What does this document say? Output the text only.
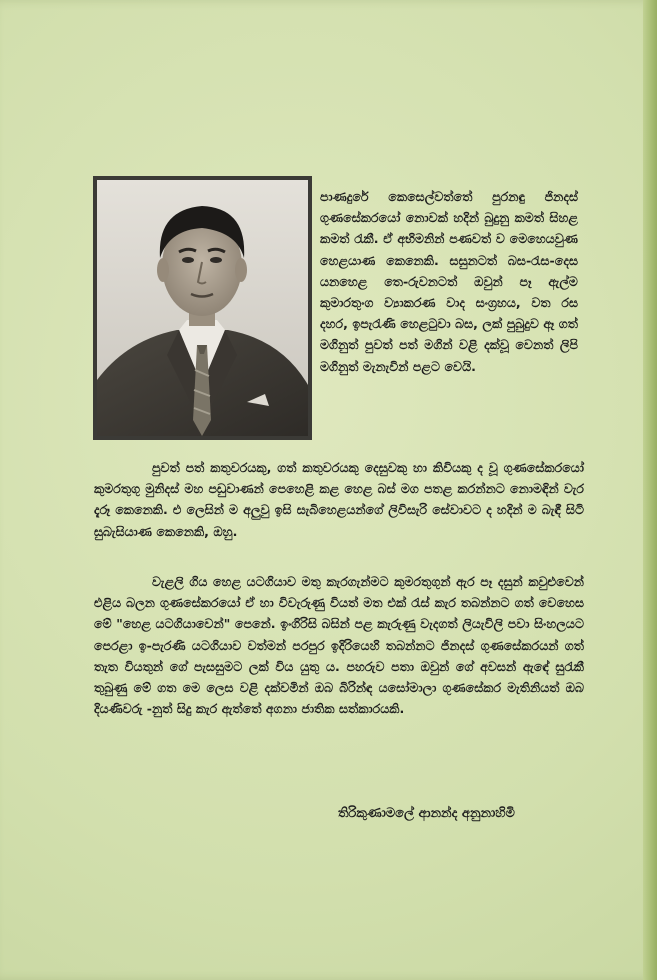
පාණදුරේ කෙසෙල්වත්තේ පුරනඳු ජිනදස් ගුණසේකරයෝ නොවක් හදින් බුදුනු කමත් සිහළ කමත් රැකී. ඒ අභිමනින් පණවත් ව මෙහෙයවුණ හෙළයාණ කෙනෙකි. සසුනටත් බස-රැස-දෙස යනහෙළ තෙ-රුවනටත් ඔවුන් පෑ ඇල්ම කුමාරතුංග ව්‍යාකරණ වාද සංග්‍රහය, වත රස දහර, ඉපැරැණි හෙළටුවා බස, ලක් පුබුදුව ඈ ගත් මගිනුත් පුවත් පත් මගින් වළි දක්වූ වෙනත් ලිපි මගිනුත් මැනැවින් පළට වෙයි.
පුවත් පත් කතුවරයකු, ගත් කතුවරයකු දෙසුවකු හා කිවියකු ද වූ ගුණසේකරයෝ කුමරතුගු මුනිදස් මහ පඩුවාණන් පෙහෙළි කළ හෙළ බස් මග පතළ කරන්නට නොමඳින් වැර දැරූ කෙනෙකි. එ ලෙසින් ම අලුවු ඉසි සැබිහෙළයන්ගේ ලිවිසැරි සේවාවට ද හදින් ම බැඳී සිටි සුබැසියාණ කෙනෙකි, ඔහු.
වැළලි ගිය හෙළ යටගියාව මතු කැරගැන්මට කුමරතුගුන් ඇර පෑ දසුන් කවුළුවෙන් එළිය බලන ගුණසේකරයෝ ඒ හා විවැරුණු වියත් මත එක් රැස් කැර තබන්නට ගත් වෙහෙස මේ "හෙළ යටගියාවෙන්" පෙනේ. ඉංගිරිසි බසින් පළ කැරුණු වැදගත් ලියැවිලි පවා සිංහලයට පෙරළා ඉ-පැරණි යටගියාව වත්මන් පරපුර ඉදිරියෙහි තබන්නට ජිනදස් ගුණසේකරයන් ගත් තැත වියතුන් ගේ පැසසුමට ලක් විය යුතු ය. පහරුව පතා ඔවුන් ගේ අවසන් ඇඳේ සුරැකී තුබුණු මේ ගත මෙ ලෙස වළි දක්වමින් ඔබ බිරින්ඳ යසෝමාලා ගුණසේකර මැතිනියත් ඔබ දියණිවරු -නුත් සිදු කැර ඇත්තේ අගනා ජාතික සත්කාරයකි.
තිරිකුණාමලේ ආනන්ද අනුනාහිමි
